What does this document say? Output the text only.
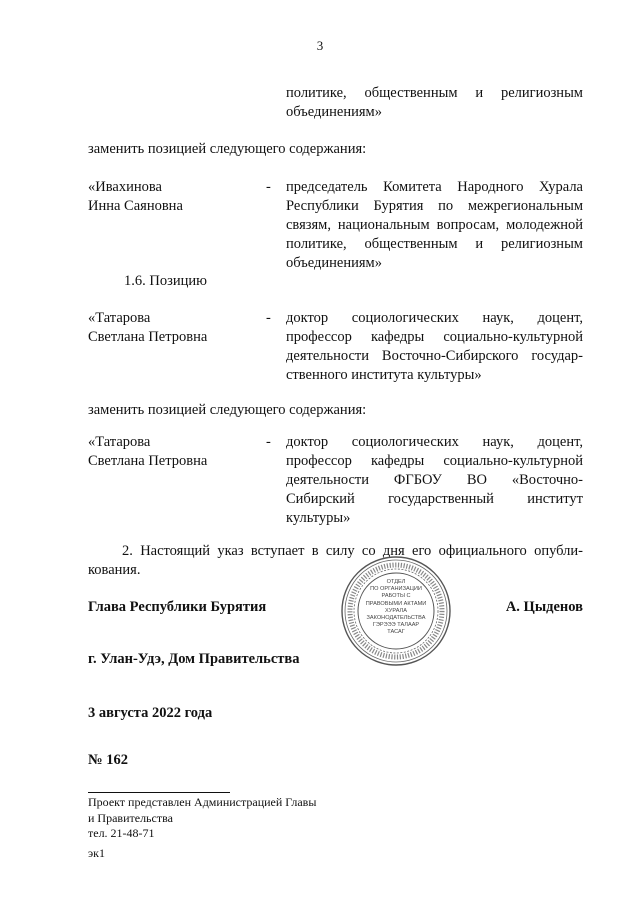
3
политике, общественным и религиозным
объединениям»
заменить позицией следующего содержания:
«Ивахинова
Инна Саяновна
-	председатель Комитета Народного Хурала
Республики Бурятия по межрегиональным
связям, национальным вопросам, молодежной
политике, общественным и религиозным
объединениям»
1.6. Позицию
«Татарова
Светлана Петровна
-	доктор социологических наук, доцент,
профессор кафедры социально-культурной
деятельности Восточно-Сибирского государ-
ственного института культуры»
заменить позицией следующего содержания:
«Татарова
Светлана Петровна
-	доктор социологических наук, доцент,
профессор кафедры социально-культурной
деятельности ФГБОУ ВО «Восточно-
Сибирский государственный институт
культуры»
2. Настоящий указ вступает в силу со дня его официального опубли-
кования.
ОТДЕЛ
ПО ОРГАНИЗАЦИИ
РАБОТЫ С
ПРАВОВЫМИ АКТАМИ
ХУРАЛА
ЗАКОНОДАТЕЛЬСТВА
ГЭРЭЭЭ ТАЛААР
ТАСАГ
Глава Республики Бурятия	А. Цыденов
г. Улан-Удэ, Дом Правительства
3 августа 2022 года
№ 162
Проект представлен Администрацией Главы
и Правительства
тел. 21-48-71
эк1
